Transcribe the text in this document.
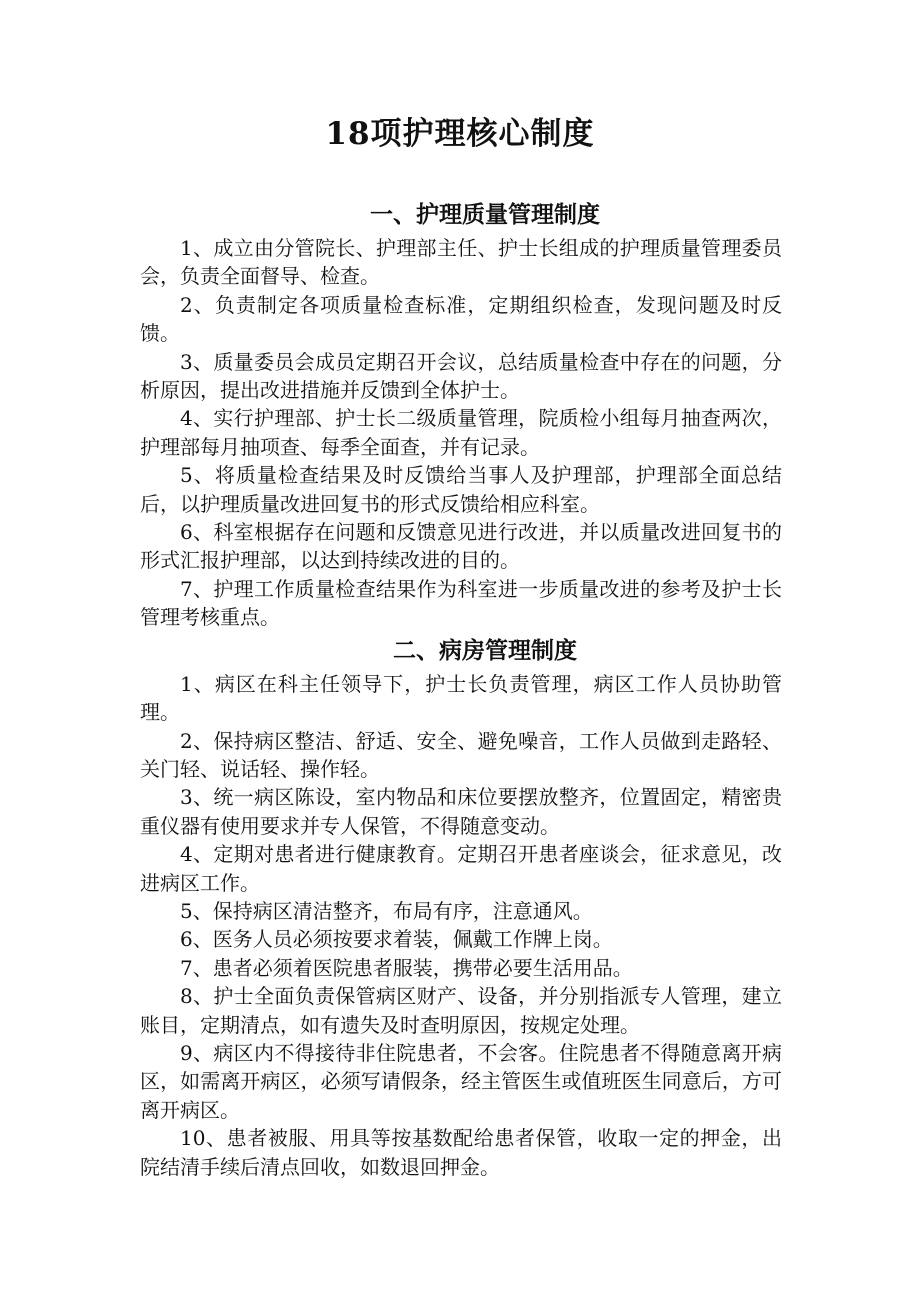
18项护理核心制度
一、护理质量管理制度

1、成立由分管院长、护理部主任、护士长组成的护理质量管理委员会，负责全面督导、检查。

2、负责制定各项质量检查标准，定期组织检查，发现问题及时反馈。

3、质量委员会成员定期召开会议，总结质量检查中存在的问题，分析原因，提出改进措施并反馈到全体护士。

4、实行护理部、护士长二级质量管理，院质检小组每月抽查两次，护理部每月抽项查、每季全面查，并有记录。

5、将质量检查结果及时反馈给当事人及护理部，护理部全面总结后，以护理质量改进回复书的形式反馈给相应科室。

6、科室根据存在问题和反馈意见进行改进，并以质量改进回复书的形式汇报护理部，以达到持续改进的目的。

7、护理工作质量检查结果作为科室进一步质量改进的参考及护士长管理考核重点。

二、病房管理制度

1、病区在科主任领导下，护士长负责管理，病区工作人员协助管理。

2、保持病区整洁、舒适、安全、避免噪音，工作人员做到走路轻、关门轻、说话轻、操作轻。

3、统一病区陈设，室内物品和床位要摆放整齐，位置固定，精密贵重仪器有使用要求并专人保管，不得随意变动。

4、定期对患者进行健康教育。定期召开患者座谈会，征求意见，改进病区工作。

5、保持病区清洁整齐，布局有序，注意通风。

6、医务人员必须按要求着装，佩戴工作牌上岗。

7、患者必须着医院患者服装，携带必要生活用品。

8、护士全面负责保管病区财产、设备，并分别指派专人管理，建立账目，定期清点，如有遗失及时查明原因，按规定处理。

9、病区内不得接待非住院患者，不会客。住院患者不得随意离开病区，如需离开病区，必须写请假条，经主管医生或值班医生同意后，方可离开病区。

10、患者被服、用具等按基数配给患者保管，收取一定的押金，出院结清手续后清点回收，如数退回押金。
